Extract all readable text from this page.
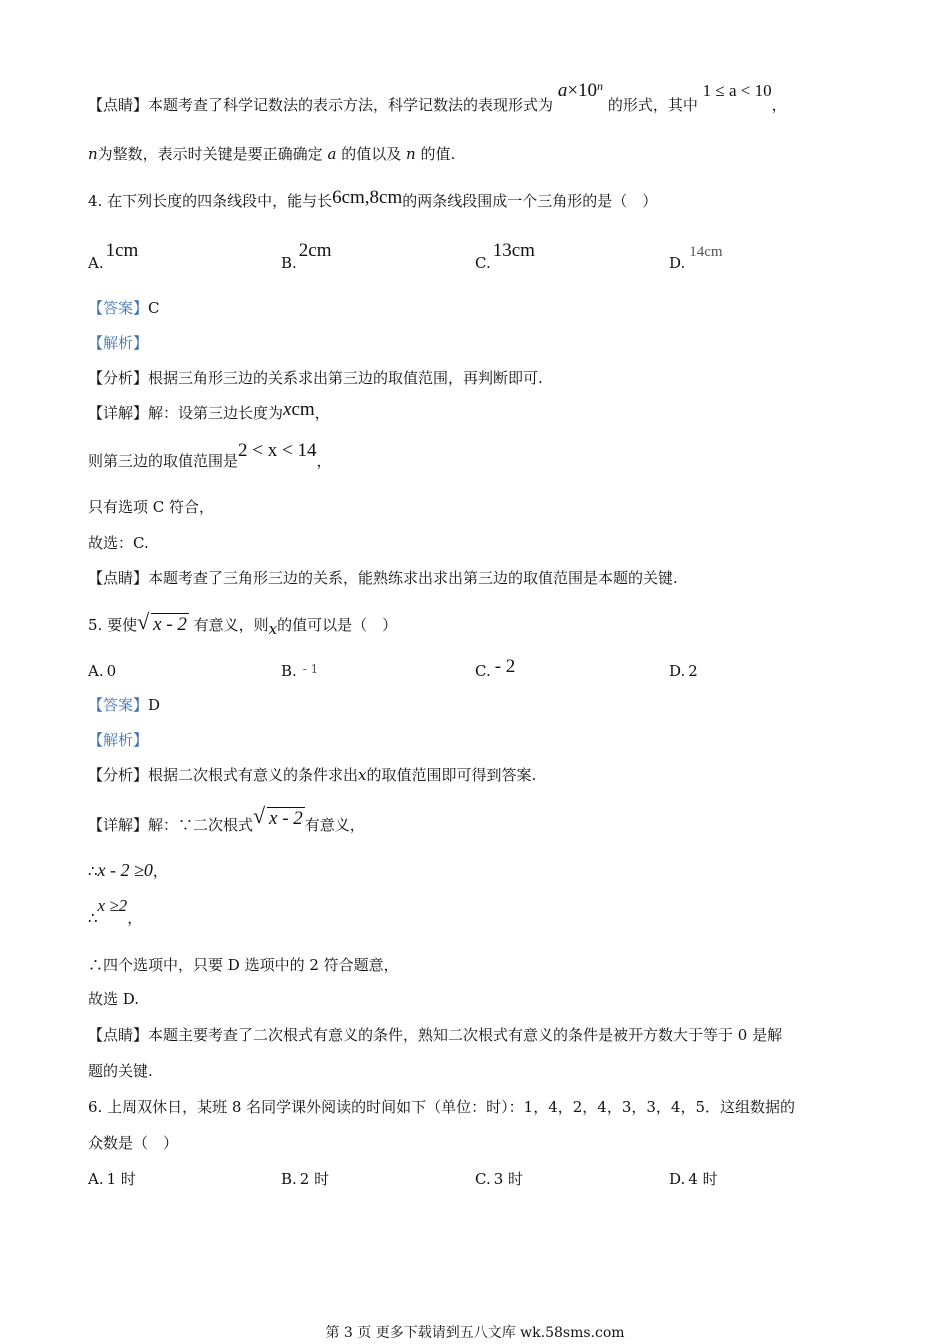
【点睛】本题考查了科学记数法的表示方法，科学记数法的表现形式为 a×10n 的形式，其中 1 ≤ a < 10，
n为整数，表示时关键是要正确确定 a 的值以及 n 的值.
4. 在下列长度的四条线段中，能与长6cm,8cm的两条线段围成一个三角形的是（　）
A.1cm
B.2cm
C.13cm
D.14cm
【答案】C
【解析】
【分析】根据三角形三边的关系求出第三边的取值范围，再判断即可.
【详解】解：设第三边长度为xcm，
则第三边的取值范围是2 < x < 14，
只有选项 C 符合，
故选：C.
【点睛】本题考查了三角形三边的关系，能熟练求出求出第三边的取值范围是本题的关键.
5. 要使 √ x - 2 有意义，则x的值可以是（　）
A. 0	B. - 1	C. - 2	D. 2
【答案】D
【解析】
【分析】根据二次根式有意义的条件求出x的取值范围即可得到答案.
【详解】解：∵二次根式 √ x - 2 有意义，
∴x - 2 ≥0，
∴x ≥2，
∴四个选项中，只要 D 选项中的 2 符合题意，
故选 D.
【点睛】本题主要考查了二次根式有意义的条件，熟知二次根式有意义的条件是被开方数大于等于 0 是解
题的关键.
6. 上周双休日，某班 8 名同学课外阅读的时间如下（单位：时）：1，4，2，4，3，3，4，5．这组数据的
众数是（　）
A. 1 时	B. 2 时	C. 3 时	D. 4 时
第 3 页 更多下载请到五八文库 wk.58sms.com
